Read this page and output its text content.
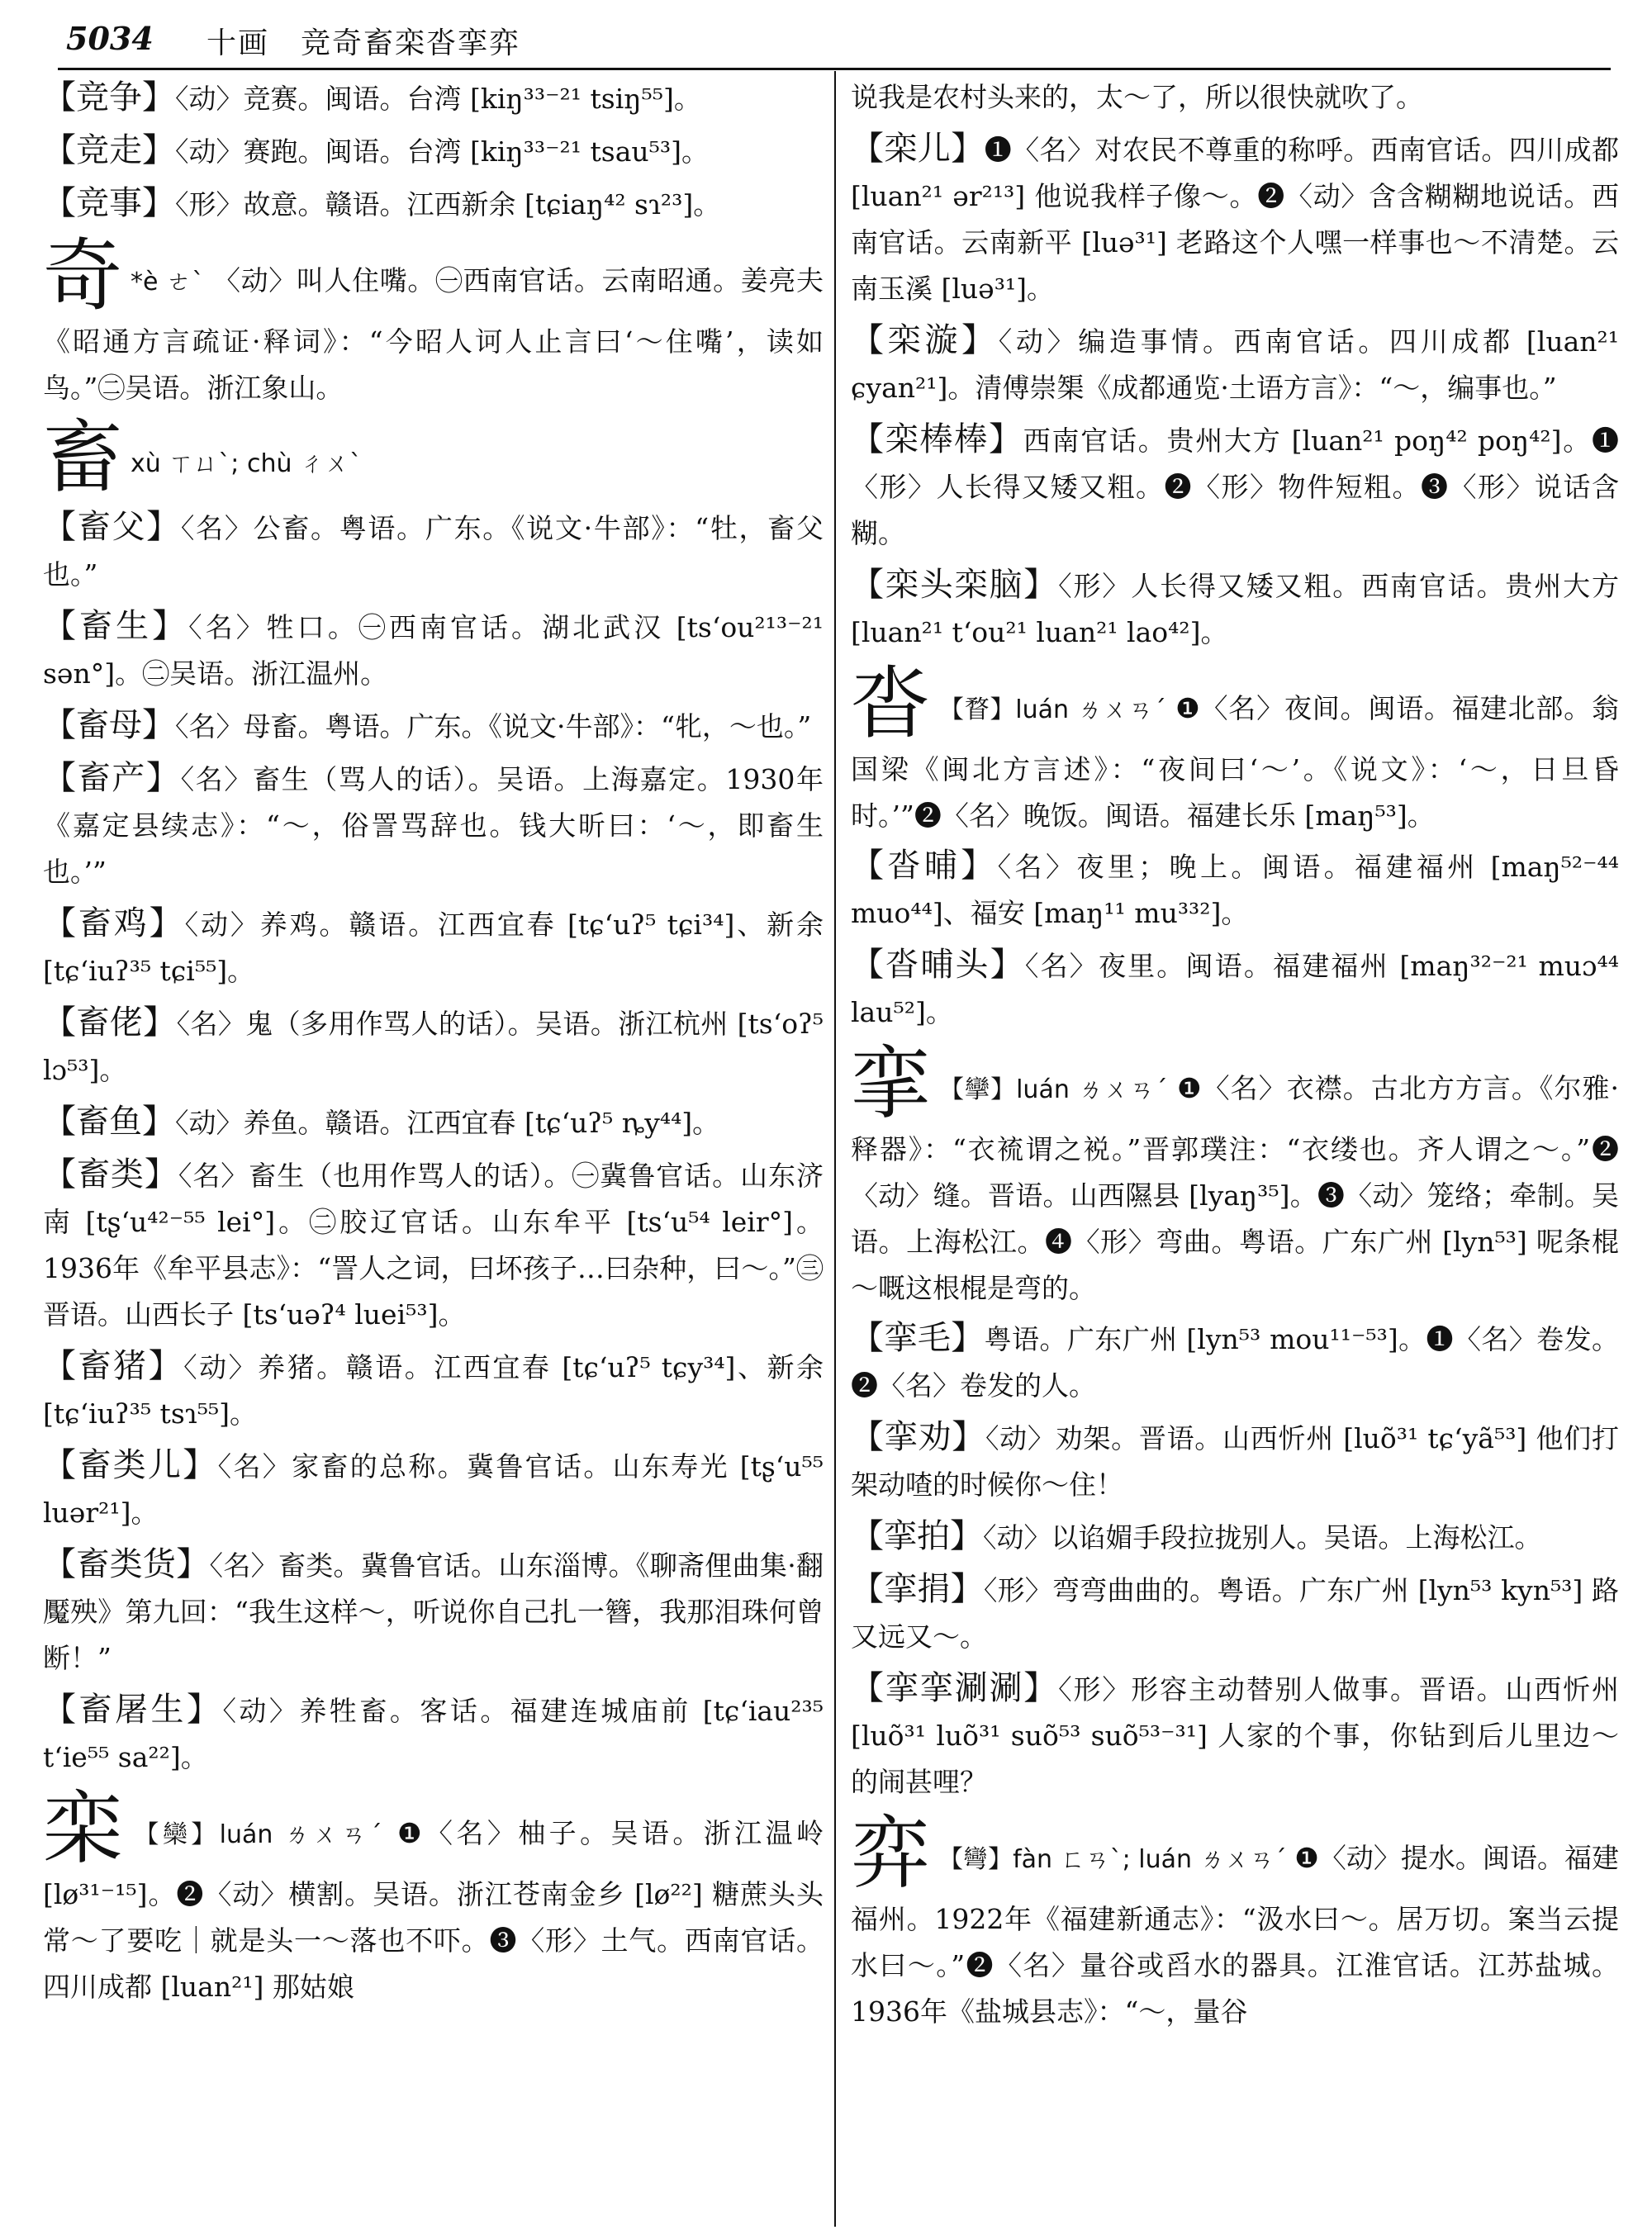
5034 十画　竞奇畜栾沓挛弈
【竞争】〈动〉竞赛。闽语。台湾 [kiŋ³³⁻²¹ tsiŋ⁵⁵]。
【竞走】〈动〉赛跑。闽语。台湾 [kiŋ³³⁻²¹ tsau⁵³]。
【竞事】〈形〉故意。赣语。江西新余 [tɕiaŋ⁴² sɿ²³]。
奇 *è ㄜˋ 〈动〉叫人住嘴。㊀西南官话。云南昭通。姜亮夫《昭通方言疏证·释词》：“今昭人诃人止言曰‘～住嘴’，读如鸟。”㊁吴语。浙江象山。
畜xù ㄒㄩˋ; chù ㄔㄨˋ
【畜父】〈名〉公畜。粤语。广东。《说文·牛部》：“牡，畜父也。”
【畜生】〈名〉牲口。㊀西南官话。湖北武汉 [ts‘ou²¹³⁻²¹ sən°]。㊁吴语。浙江温州。
【畜母】〈名〉母畜。粤语。广东。《说文·牛部》：“牝，～也。”
【畜产】〈名〉畜生（骂人的话）。吴语。上海嘉定。1930年《嘉定县续志》：“～，俗詈骂辞也。钱大昕曰：‘～，即畜生也。’”
【畜鸡】〈动〉养鸡。赣语。江西宜春 [tɕ‘uʔ⁵ tɕi³⁴]、新余 [tɕ‘iuʔ³⁵ tɕi⁵⁵]。
【畜佬】〈名〉鬼（多用作骂人的话）。吴语。浙江杭州 [ts‘oʔ⁵ lɔ⁵³]。
【畜鱼】〈动〉养鱼。赣语。江西宜春 [tɕ‘uʔ⁵ ȵy⁴⁴]。
【畜类】〈名〉畜生（也用作骂人的话）。㊀冀鲁官话。山东济南 [tʂ‘u⁴²⁻⁵⁵ lei°]。㊁胶辽官话。山东牟平 [ts‘u⁵⁴ leir°]。1936年《牟平县志》：“詈人之词，曰坏孩子…曰杂种，曰～。”㊂晋语。山西长子 [ts‘uəʔ⁴ luei⁵³]。
【畜猪】〈动〉养猪。赣语。江西宜春 [tɕ‘uʔ⁵ tɕy³⁴]、新余 [tɕ‘iuʔ³⁵ tsɿ⁵⁵]。
【畜类儿】〈名〉家畜的总称。冀鲁官话。山东寿光 [tʂ‘u⁵⁵ luər²¹]。
【畜类货】〈名〉畜类。冀鲁官话。山东淄博。《聊斋俚曲集·翻魘殃》第九回：“我生这样～，听说你自己扎一簪，我那泪珠何曾断！”
【畜屠生】〈动〉养牲畜。客话。福建连城庙前 [tɕ‘iau²³⁵ t‘ie⁵⁵ sa²²]。
栾 【欒】luán ㄌㄨㄢˊ ❶〈名〉柚子。吴语。浙江温岭 [lø³¹⁻¹⁵]。❷〈动〉横割。吴语。浙江苍南金乡 [lø²²] 糖蔗头头常～了要吃｜就是头一～落也不吓。❸〈形〉土气。西南官话。四川成都 [luan²¹] 那姑娘
说我是农村头来的，太～了，所以很快就吹了。
【栾儿】❶〈名〉对农民不尊重的称呼。西南官话。四川成都 [luan²¹ ər²¹³] 他说我样子像～。❷〈动〉含含糊糊地说话。西南官话。云南新平 [luə³¹] 老路这个人嘿一样事也～不清楚。云南玉溪 [luə³¹]。
【栾漩】〈动〉编造事情。西南官话。四川成都 [luan²¹ ɕyan²¹]。清傅崇榘《成都通览·土语方言》：“～，编事也。”
【栾棒棒】西南官话。贵州大方 [luan²¹ poŋ⁴² poŋ⁴²]。❶〈形〉人长得又矮又粗。❷〈形〉物件短粗。❸〈形〉说话含糊。
【栾头栾脑】〈形〉人长得又矮又粗。西南官话。贵州大方 [luan²¹ t‘ou²¹ luan²¹ lao⁴²]。
沓 【瞀】luán ㄌㄨㄢˊ ❶〈名〉夜间。闽语。福建北部。翁国梁《闽北方言述》：“夜间曰‘～’。《说文》：‘～，日旦昏时。’”❷〈名〉晚饭。闽语。福建长乐 [maŋ⁵³]。
【沓晡】〈名〉夜里；晚上。闽语。福建福州 [maŋ⁵²⁻⁴⁴ muo⁴⁴]、福安 [maŋ¹¹ mu³³²]。
【沓晡头】〈名〉夜里。闽语。福建福州 [maŋ³²⁻²¹ muɔ⁴⁴ lau⁵²]。
挛 【攣】luán ㄌㄨㄢˊ ❶〈名〉衣襟。古北方方言。《尔雅·释器》：“衣裗谓之裞。”晋郭璞注：“衣缕也。齐人谓之～。”❷〈动〉缝。晋语。山西隰县 [lyaŋ³⁵]。❸〈动〉笼络；牵制。吴语。上海松江。❹〈形〉弯曲。粤语。广东广州 [lyn⁵³] 呢条棍～嘅这根棍是弯的。
【挛毛】粤语。广东广州 [lyn⁵³ mou¹¹⁻⁵³]。❶〈名〉卷发。❷〈名〉卷发的人。
【挛劝】〈动〉劝架。晋语。山西忻州 [luõ³¹ tɕ‘yã⁵³] 他们打架动喳的时候你～住！
【挛拍】〈动〉以谄媚手段拉拢别人。吴语。上海松江。
【挛捐】〈形〉弯弯曲曲的。粤语。广东广州 [lyn⁵³ kyn⁵³] 路又远又～。
【挛挛涮涮】〈形〉形容主动替别人做事。晋语。山西忻州 [luõ³¹ luõ³¹ suõ⁵³ suõ⁵³⁻³¹] 人家的个事，你钻到后儿里边～的闹甚哩？
弈 【彎】fàn ㄈㄢˋ; luán ㄌㄨㄢˊ ❶〈动〉提水。闽语。福建福州。1922年《福建新通志》：“汲水曰～。居万切。案当云提水曰～。”❷〈名〉量谷或舀水的器具。江淮官话。江苏盐城。1936年《盐城县志》：“～，量谷
